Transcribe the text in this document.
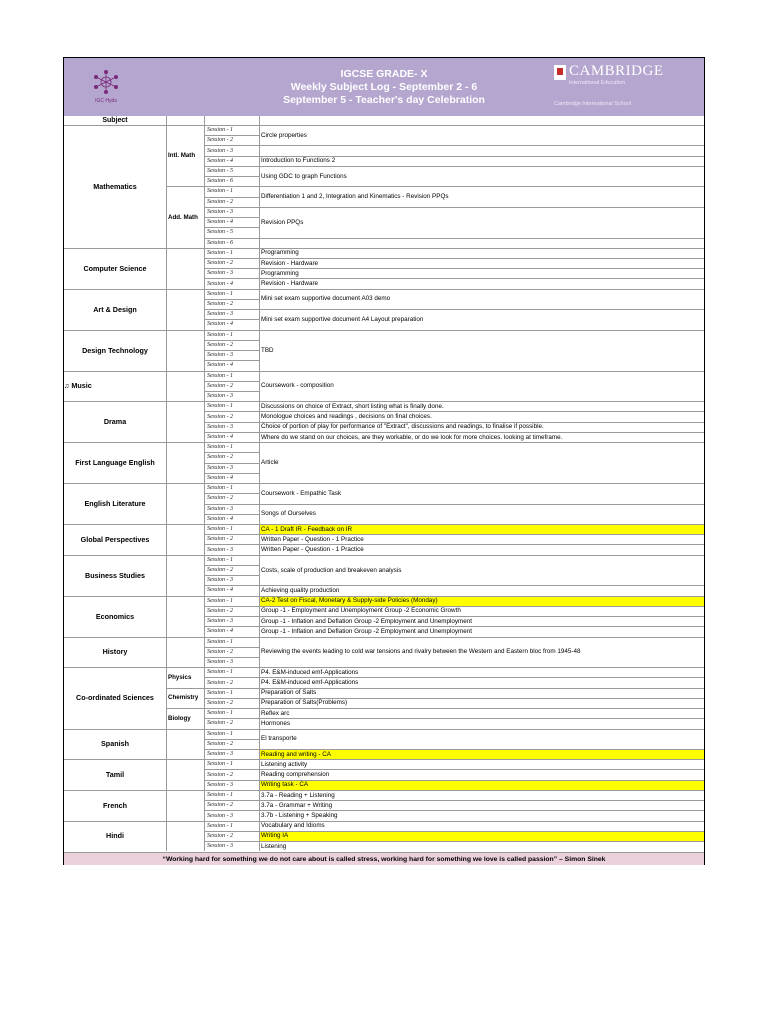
IGC Hyds
IGCSE GRADE- X
Weekly Subject Log - September 2 - 6
September 5 - Teacher's day Celebration
CAMBRIDGE
International Education
Cambridge International School
Subject
Mathematics
Intl. Math
Session - 1
Session - 2
Session - 3
Session - 4
Session - 5
Session - 6
Circle properties
Introduction to Functions 2
Using GDC to graph Functions
Add. Math
Session - 1
Session - 2
Session - 3
Session - 4
Session - 5
Session - 6
Differentiation 1 and 2, Integration and Kinematics - Revision PPQs
Revision PPQs
Computer Science
Session - 1
Session - 2
Session - 3
Session - 4
Programming
Revision - Hardware
Programming
Revision - Hardware
Art & Design
Session - 1
Session - 2
Session - 3
Session - 4
Mini set exam supportive document A03 demo
Mini set exam supportive document A4 Layout preparation
Design Technology
Session - 1
Session - 2
Session - 3
Session - 4
TBD
♫ Music
Session - 1
Session - 2
Session - 3
Coursework - composition
Drama
Session - 1
Session - 2
Session - 3
Session - 4
Discussions on choice of Extract, short listing what is finally done.
Monologue choices and readings , decisions on final choices.
Choice of portion of play for performance of "Extract", discussions and readings, to finalise if possible.
Where do we stand on our choices, are they workable, or do we look for more choices. looking at timeframe.
First Language English
Session - 1
Session - 2
Session - 3
Session - 4
Article
English Literature
Session - 1
Session - 2
Session - 3
Session - 4
Coursework - Empathic Task
Songs of Ourselves
Global Perspectives
Session - 1
Session - 2
Session - 3
CA - 1 Draft IR - Feedback on IR
Written Paper - Question - 1 Practice
Written Paper - Question - 1 Practice
Business Studies
Session - 1
Session - 2
Session - 3
Session - 4
Costs, scale of production and breakeven analysis
Achieving quality production
Economics
Session - 1
Session - 2
Session - 3
Session - 4
CA-2 Test on Fiscal, Monetary & Supply-side Policies (Monday)
Group -1 - Employment and Unemployment Group -2 Economic Growth
Group -1 - Inflation and Deflation Group -2 Employment and Unemployment
Group -1 - Inflation and Deflation Group -2 Employment and Unemployment
History
Session - 1
Session - 2
Session - 3
Reviewing the events leading to cold war tensions and rivalry between the Western and Eastern bloc from 1945-48
Co-ordinated Sciences
Physics
Session - 1
Session - 2
P4. E&M-induced emf-Applications
P4. E&M-induced emf-Applications
Chemistry
Session - 1
Session - 2
Preparation of Salts
Preparation of Salts(Problems)
Biology
Session - 1
Session - 2
Reflex arc
Hormones
Spanish
Session - 1
Session - 2
Session - 3
El transporte
Reading and writing - CA
Tamil
Session - 1
Session - 2
Session - 3
Listening activity
Reading comprehension
Writing task - CA
French
Session - 1
Session - 2
Session - 3
3.7a - Reading + Listening
3.7a - Grammar + Writing
3.7b - Listening + Speaking
Hindi
Session - 1
Session - 2
Session - 3
Vocabulary and Idioms
Writing IA
Listening
“Working hard for something we do not care about is called stress, working hard for something we love is called passion” – Simon Sinek
